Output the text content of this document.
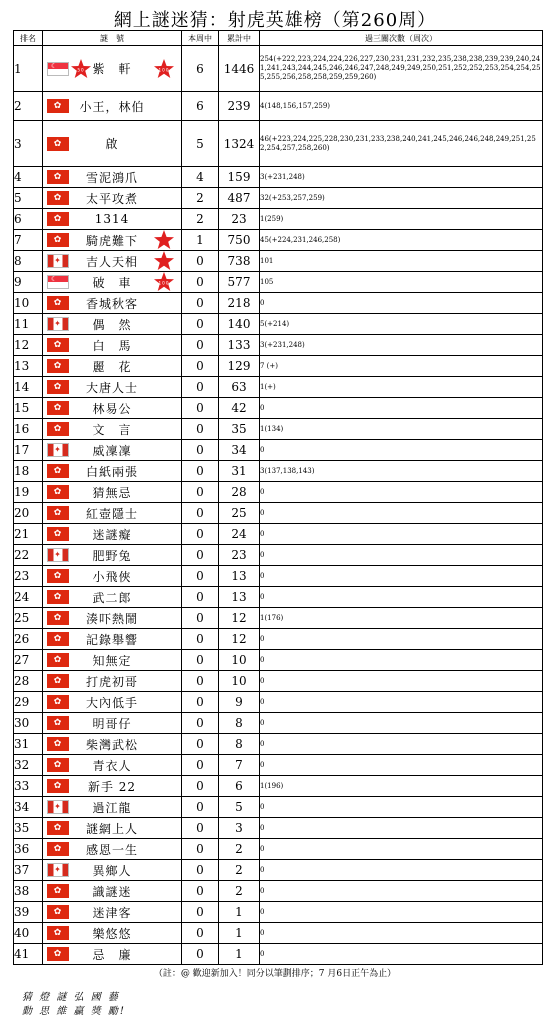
網上謎迷猜：射虎英雄榜（第260周）
排名	謎　號	本周中	累計中	過三關次數（周次）
1	
☾50 100
紫　軒	6	1446	254(+222,223,224,224,226,227,230,231,231,232,235,238,238,239,239,240,241,241,243,244,245,246,246,247,248,249,249,250,251,252,252,253,254,254,255,255,256,258,258,259,259,260)
2	
✿小王，林伯	6	239	4(148,156,157,259)
3	
✿啟	5	1324	46(+223,224,225,228,230,231,233,238,240,241,245,246,246,248,249,251,252,254,257,258,260)
4	
✿雪泥鴻爪	4	159	3(+231,248)
5	
✿太平攻煮	2	487	32(+253,257,259)
6	
✿1314	2	23	1(259)
7	
✿騎虎難下	1	750	45(+224,231,246,258)
8	
✦吉人天相	0	738	101
9	
☾100
破　車	0	577	105
10	
✿香城秋客	0	218	0
11	
✦偶　然	0	140	5(+214)
12	
✿白　馬	0	133	3(+231,248)
13	
✿麗　花	0	129	7 (+)
14	
✿大唐人士	0	63	1(+)
15	
✿林易公	0	42	0
16	
✿文　言	0	35	1(134)
17	
✦威凜凜	0	34	0
18	
✿白紙兩張	0	31	3(137,138,143)
19	
✿猜無忌	0	28	0
20	
✿紅壺隱士	0	25	0
21	
✿迷謎癡	0	24	0
22	
✦肥野兔	0	23	0
23	
✿小飛俠	0	13	0
24	
✿武二郎	0	13	0
25	
✿湊吓熱鬧	0	12	1(176)
26	
✿記錄舉響	0	12	0
27	
✿知無定	0	10	0
28	
✿打虎初哥	0	10	0
29	
✿大內低手	0	9	0
30	
✿明哥仔	0	8	0
31	
✿柴灣武松	0	8	0
32	
✿青衣人	0	7	0
33	
✿新手 22	0	6	1(196)
34	
✦過江龍	0	5	0
35	
✿謎網上人	0	3	0
36	
✿感恩一生	0	2	0
37	
✦異鄉人	0	2	0
38	
✿識謎迷	0	2	0
39	
✿迷津客	0	1	0
40	
✿樂悠悠	0	1	0
41	
✿忌　廉	0	1	0
（註：@ 歡迎新加入！同分以筆劃排序；7 月6日正午為止）
猜 燈 謎 弘 國 藝
動 思 維 贏 獎 勵!
